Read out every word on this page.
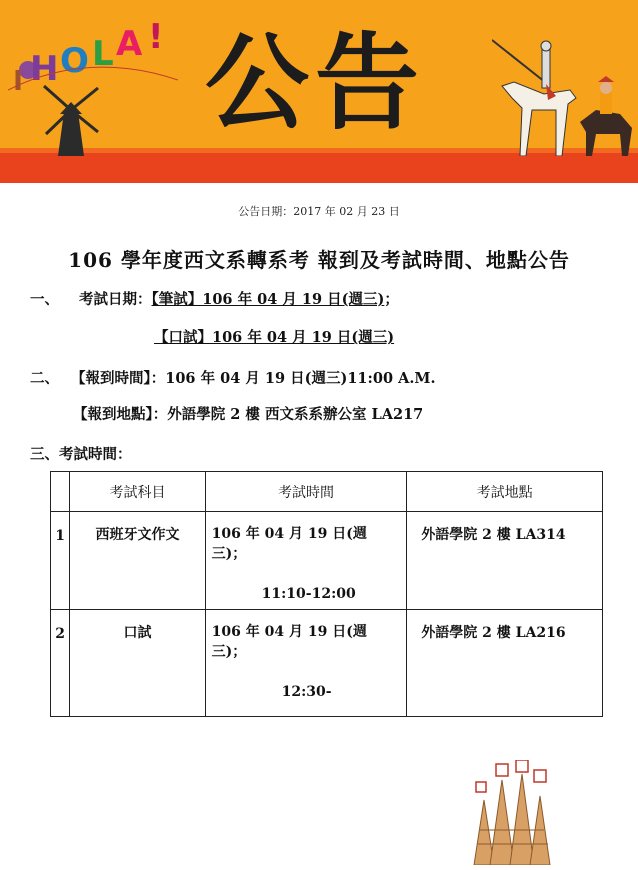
H O L A ! 公告
公告日期：2017 年 02 月 23 日
106 學年度西文系轉系考 報到及考試時間、地點公告
一、 考試日期：【筆試】106 年 04 月 19 日(週三)；
【口試】106 年 04 月 19 日(週三)
二、 【報到時間】：106 年 04 月 19 日(週三)11:00 A.M.
【報到地點】：外語學院 2 樓 西文系系辦公室 LA217
三、考試時間：
	考試科目	考試時間	考試地點
1	西班牙文作文	106 年 04 月 19 日(週三)；
11:10-12:00	外語學院 2 樓 LA314
2	口試	106 年 04 月 19 日(週三)；
12:30-	外語學院 2 樓 LA216
